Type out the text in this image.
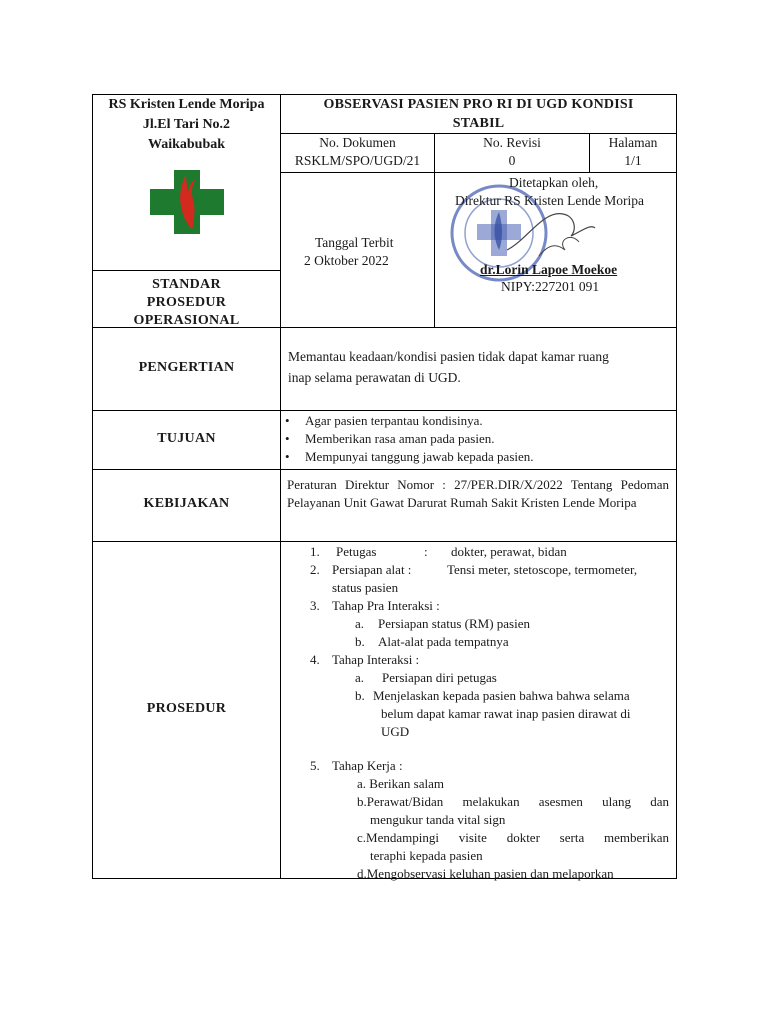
RS Kristen Lende Moripa
Jl.El Tari No.2
Waikabubak
STANDAR PROSEDUR OPERASIONAL
OBSERVASI PASIEN PRO RI DI UGD KONDISI
STABIL
No. Dokumen
RSKLM/SPO/UGD/21
No. Revisi
0
Halaman
1/1
Tanggal Terbit
2 Oktober 2022
Ditetapkan oleh,
Direktur RS Kristen Lende Moripa
dr.Lorin Lapoe Moekoe
NIPY:227201 091
PENGERTIAN
Memantau keadaan/kondisi pasien tidak dapat kamar ruang
inap selama perawatan di UGD.
TUJUAN
• Agar pasien terpantau kondisinya.
• Memberikan rasa aman pada pasien.
• Mempunyai tanggung jawab kepada pasien.
KEBIJAKAN
Peraturan Direktur Nomor : 27/PER.DIR/X/2022 Tentang Pedoman Pelayanan Unit Gawat Darurat Rumah Sakit Kristen Lende Moripa
PROSEDUR
1. Petugas	: dokter, perawat, bidan
2. Persiapan alat :	Tensi meter, stetoscope, termometer,
status pasien
3. Tahap Pra Interaksi :
a. Persiapan status (RM) pasien
b. Alat-alat pada tempatnya
4. Tahap Interaksi :
a. Persiapan diri petugas
b. Menjelaskan kepada pasien bahwa bahwa selama
belum dapat kamar rawat inap pasien dirawat di
UGD
5. Tahap Kerja :
a. Berikan salam
b.Perawat/Bidan melakukan asesmen ulang dan
mengukur tanda vital sign
c.Mendampingi visite dokter serta memberikan
teraphi kepada pasien
d.Mengobservasi keluhan pasien dan melaporkan
